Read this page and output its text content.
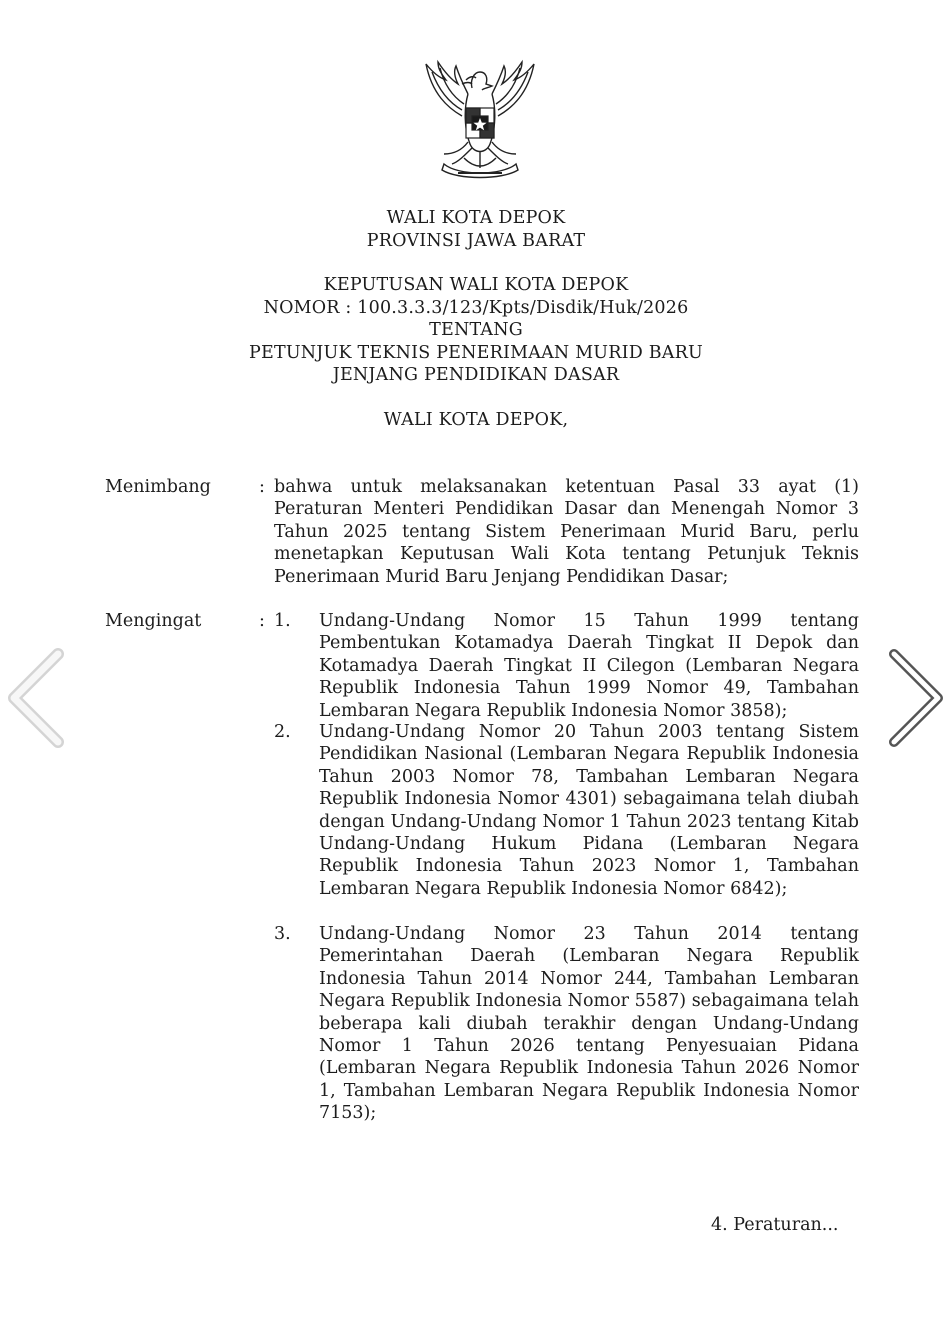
WALI KOTA DEPOK
PROVINSI JAWA BARAT
KEPUTUSAN WALI KOTA DEPOK
NOMOR : 100.3.3.3/123/Kpts/Disdik/Huk/2026
TENTANG
PETUNJUK TEKNIS PENERIMAAN MURID BARU
JENJANG PENDIDIKAN DASAR
WALI KOTA DEPOK,
Menimbang	: bahwa untuk melaksanakan ketentuan Pasal 33 ayat (1) Peraturan Menteri Pendidikan Dasar dan Menengah Nomor 3 Tahun 2025 tentang Sistem Penerimaan Murid Baru, perlu menetapkan Keputusan Wali Kota tentang Petunjuk Teknis Penerimaan Murid Baru Jenjang Pendidikan Dasar;
Mengingat	: 1. Undang-Undang Nomor 15 Tahun 1999 tentang Pembentukan Kotamadya Daerah Tingkat II Depok dan Kotamadya Daerah Tingkat II Cilegon (Lembaran Negara Republik Indonesia Tahun 1999 Nomor 49, Tambahan Lembaran Negara Republik Indonesia Nomor 3858);
2. Undang-Undang Nomor 20 Tahun 2003 tentang Sistem Pendidikan Nasional (Lembaran Negara Republik Indonesia Tahun 2003 Nomor 78, Tambahan Lembaran Negara Republik Indonesia Nomor 4301) sebagaimana telah diubah dengan Undang-Undang Nomor 1 Tahun 2023 tentang Kitab Undang-Undang Hukum Pidana (Lembaran Negara Republik Indonesia Tahun 2023 Nomor 1, Tambahan Lembaran Negara Republik Indonesia Nomor 6842);
3. Undang-Undang Nomor 23 Tahun 2014 tentang Pemerintahan Daerah (Lembaran Negara Republik Indonesia Tahun 2014 Nomor 244, Tambahan Lembaran Negara Republik Indonesia Nomor 5587) sebagaimana telah beberapa kali diubah terakhir dengan Undang-Undang Nomor 1 Tahun 2026 tentang Penyesuaian Pidana (Lembaran Negara Republik Indonesia Tahun 2026 Nomor 1, Tambahan Lembaran Negara Republik Indonesia Nomor 7153);
4. Peraturan...
